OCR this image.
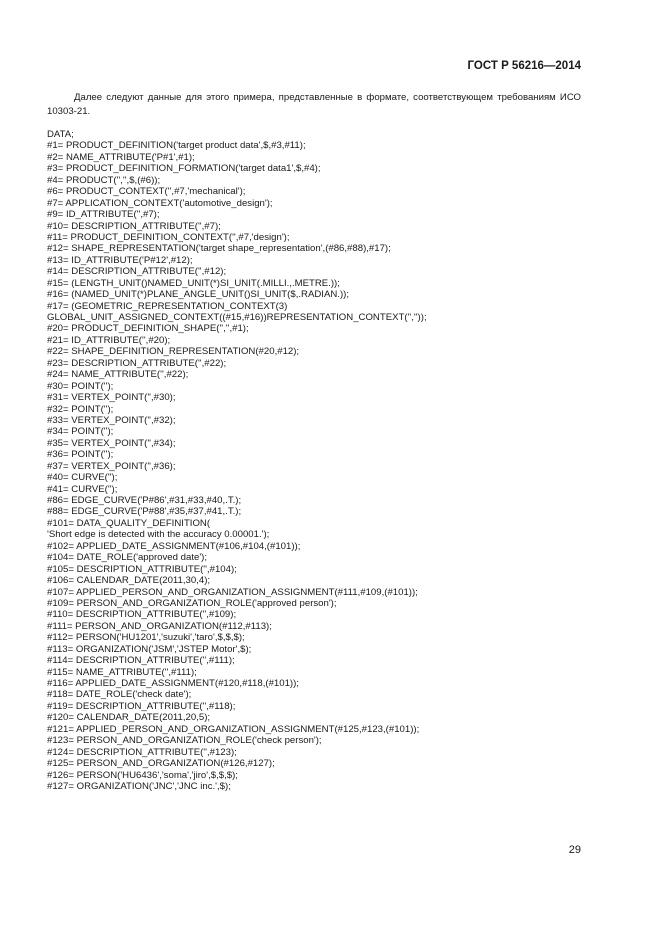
ГОСТ Р 56216—2014
Далее следуют данные для этого примера, представленные в формате, соответствующем требованиям ИСО 10303-21.
DATA;
#1= PRODUCT_DEFINITION('target product data',$,#3,#11);
#2= NAME_ATTRIBUTE('P#1',#1);
#3= PRODUCT_DEFINITION_FORMATION('target data1',$,#4);
#4= PRODUCT('','',$,(#6));
#6= PRODUCT_CONTEXT('',#7,'mechanical');
#7= APPLICATION_CONTEXT('automotive_design');
#9= ID_ATTRIBUTE('',#7);
#10= DESCRIPTION_ATTRIBUTE('',#7);
#11= PRODUCT_DEFINITION_CONTEXT('',#7,'design');
#12= SHAPE_REPRESENTATION('target shape_representation',(#86,#88),#17);
#13= ID_ATTRIBUTE('P#12',#12);
#14= DESCRIPTION_ATTRIBUTE('',#12);
#15= (LENGTH_UNIT()NAMED_UNIT(*)SI_UNIT(.MILLI.,.METRE.));
#16= (NAMED_UNIT(*)PLANE_ANGLE_UNIT()SI_UNIT($,.RADIAN.));
#17= (GEOMETRIC_REPRESENTATION_CONTEXT(3)
GLOBAL_UNIT_ASSIGNED_CONTEXT((#15,#16))REPRESENTATION_CONTEXT('',''));
#20= PRODUCT_DEFINITION_SHAPE('','',#1);
#21= ID_ATTRIBUTE('',#20);
#22= SHAPE_DEFINITION_REPRESENTATION(#20,#12);
#23= DESCRIPTION_ATTRIBUTE('',#22);
#24= NAME_ATTRIBUTE('',#22);
#30= POINT('');
#31= VERTEX_POINT('',#30);
#32= POINT('');
#33= VERTEX_POINT('',#32);
#34= POINT('');
#35= VERTEX_POINT('',#34);
#36= POINT('');
#37= VERTEX_POINT('',#36);
#40= CURVE('');
#41= CURVE('');
#86= EDGE_CURVE('P#86',#31,#33,#40,.T.);
#88= EDGE_CURVE('P#88',#35,#37,#41,.T.);
#101= DATA_QUALITY_DEFINITION(
'Short edge is detected with the accuracy 0.00001.');
#102= APPLIED_DATE_ASSIGNMENT(#106,#104,(#101));
#104= DATE_ROLE('approved date');
#105= DESCRIPTION_ATTRIBUTE('',#104);
#106= CALENDAR_DATE(2011,30,4);
#107= APPLIED_PERSON_AND_ORGANIZATION_ASSIGNMENT(#111,#109,(#101));
#109= PERSON_AND_ORGANIZATION_ROLE('approved person');
#110= DESCRIPTION_ATTRIBUTE('',#109);
#111= PERSON_AND_ORGANIZATION(#112,#113);
#112= PERSON('HU1201','suzuki','taro',$,$,$);
#113= ORGANIZATION('JSM','JSTEP Motor',$);
#114= DESCRIPTION_ATTRIBUTE('',#111);
#115= NAME_ATTRIBUTE('',#111);
#116= APPLIED_DATE_ASSIGNMENT(#120,#118,(#101));
#118= DATE_ROLE('check date');
#119= DESCRIPTION_ATTRIBUTE('',#118);
#120= CALENDAR_DATE(2011,20,5);
#121= APPLIED_PERSON_AND_ORGANIZATION_ASSIGNMENT(#125,#123,(#101));
#123= PERSON_AND_ORGANIZATION_ROLE('check person');
#124= DESCRIPTION_ATTRIBUTE('',#123);
#125= PERSON_AND_ORGANIZATION(#126,#127);
#126= PERSON('HU6436','soma','jiro',$,$,$);
#127= ORGANIZATION('JNC','JNC inc.',$);
29
